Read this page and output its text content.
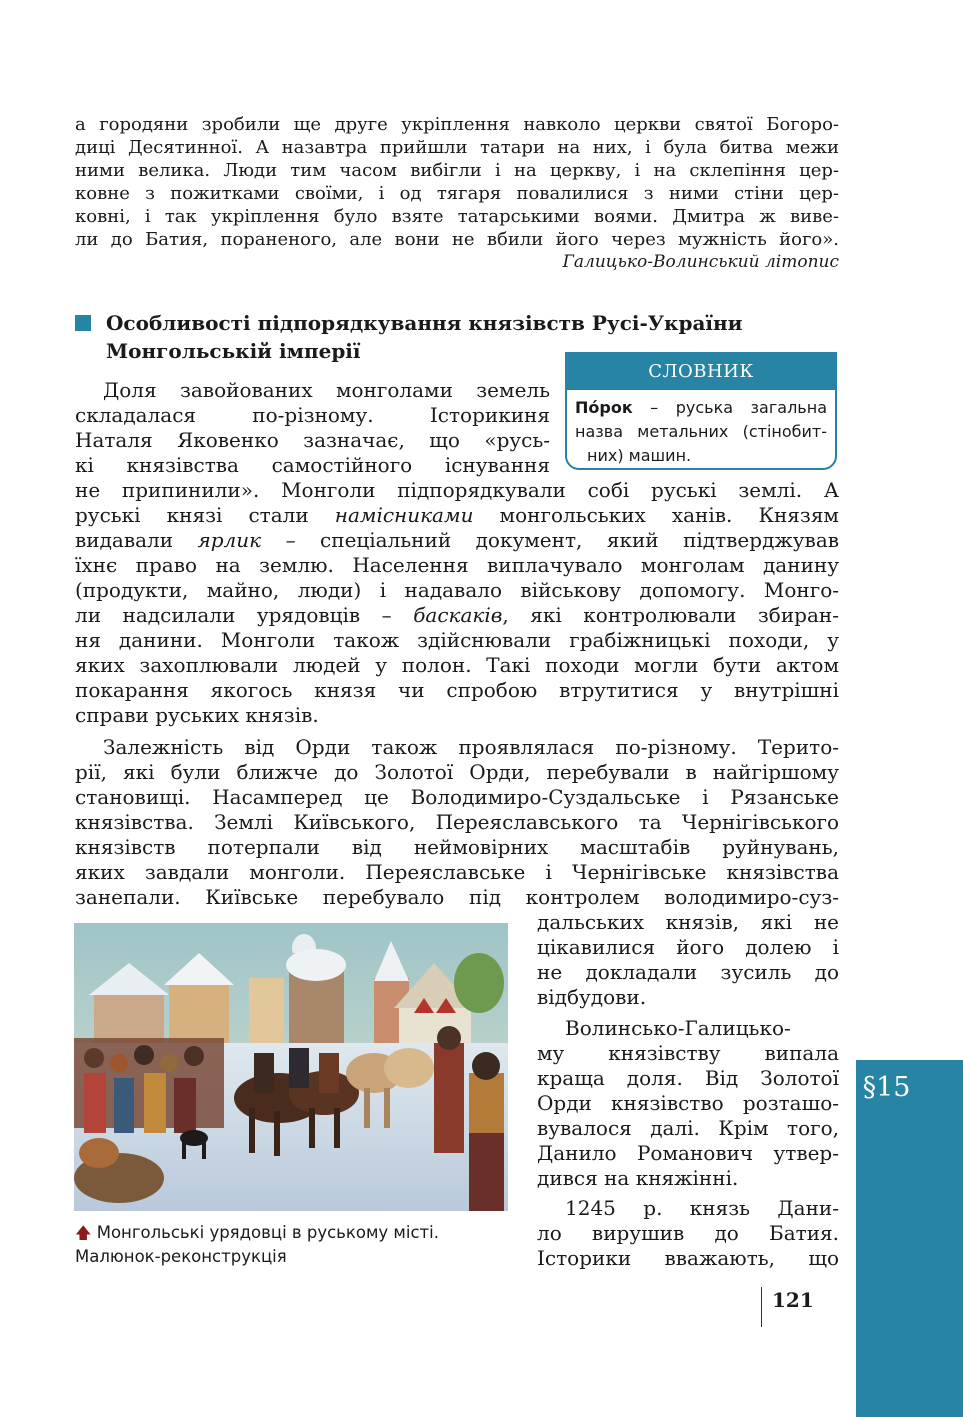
а городяни зробили ще друге укріплення навколо церкви святої Богоро-
диці Десятинної. А назавтра прийшли татари на них, і була битва межи
ними велика. Люди тим часом вибігли і на церкву, і на склепіння цер-
ковне з пожитками своїми, і од тягаря повалилися з ними стіни цер-
ковні, і так укріплення було взяте татарськими воями. Дмитра ж виве-
ли до Батия, пораненого, але вони не вбили його через мужність його».
Галицько-Волинський літопис
Особливості підпорядкування князівств Русі-України
Монгольській імперії
СЛОВНИК
По́рок – руська загальна
назва метальних (стінобит-
них) машин.
Доля завойованих монголами земель
складалася по-різному. Історикиня
Наталя Яковенко зазначає, що «русь-
кі князівства самостійного існування
не припинили». Монголи підпорядкували собі руські землі. А
руські князі стали намісниками монгольських ханів. Князям
видавали ярлик – спеціальний документ, який підтверджував
їхнє право на землю. Населення виплачувало монголам данину
(продукти, майно, люди) і надавало військову допомогу. Монго-
ли надсилали урядовців – баскаків, які контролювали збиран-
ня данини. Монголи також здійснювали грабіжницькі походи, у
яких захоплювали людей у полон. Такі походи могли бути актом
покарання якогось князя чи спробою втрутитися у внутрішні
справи руських князів.
Залежність від Орди також проявлялася по-різному. Терито-
рії, які були ближче до Золотої Орди, перебували в найгіршому
становищі. Насамперед це Володимиро-Суздальське і Рязанське
князівства. Землі Київського, Переяславського та Чернігівського
князівств потерпали від неймовірних масштабів руйнувань,
яких завдали монголи. Переяславське і Чернігівське князівства
занепали. Київське перебувало під контролем володимиро-суз-
дальських князів, які не
цікавилися його долею і
не докладали зусиль до
відбудови.
Волинсько-Галицько-
му князівству випала
краща доля. Від Золотої
Орди князівство розташо-
вувалося далі. Крім того,
Данило Романович утвер-
дився на княжінні.
1245 р. князь Дани-
ло вирушив до Батия.
Історики вважають, що
🡅 Монгольські урядовці в руському місті.
Малюнок-реконструкція
§15
121
